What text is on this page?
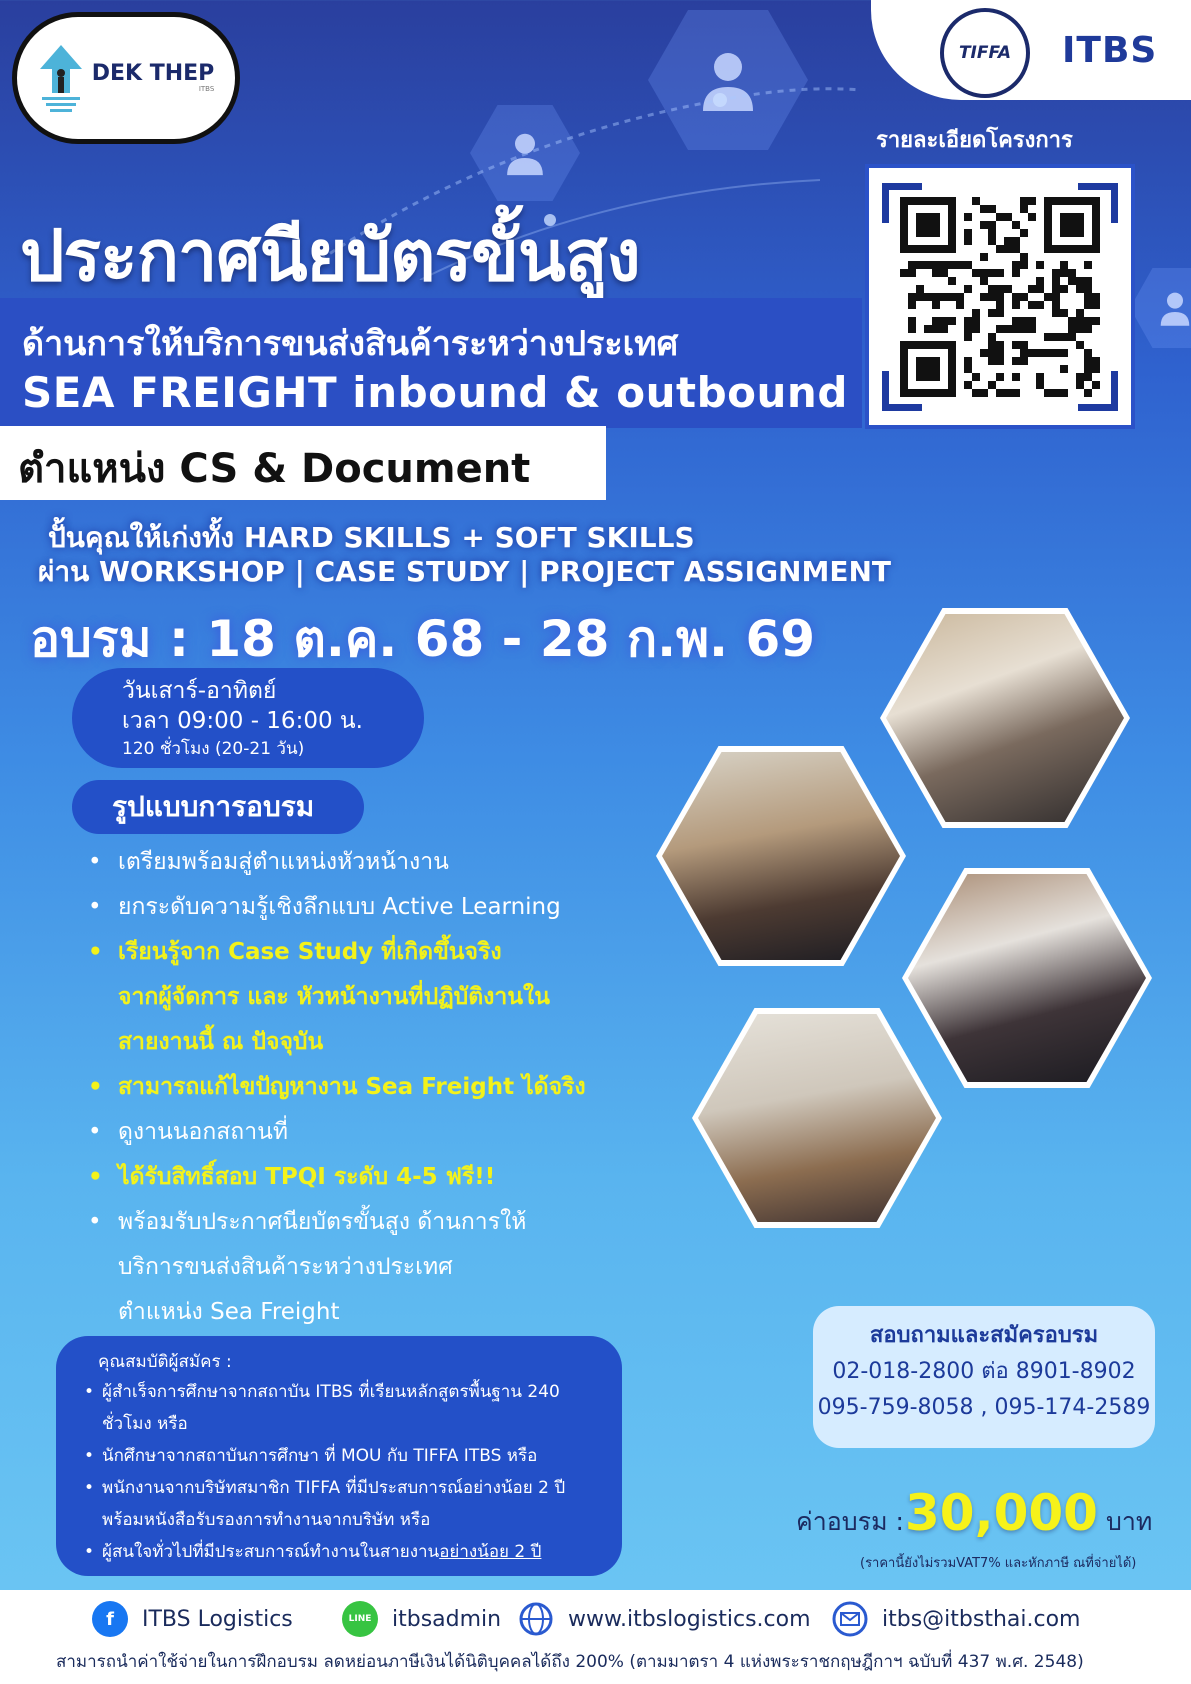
DEK THEP
ITBS
TIFFA ITBS
รายละเอียดโครงการ
ประกาศนียบัตรขั้นสูง
ด้านการให้บริการขนส่งสินค้าระหว่างประเทศ
SEA FREIGHT inbound & outbound
ตำแหน่ง CS & Document
ปั้นคุณให้เก่งทั้ง HARD SKILLS + SOFT SKILLS
ผ่าน WORKSHOP | CASE STUDY | PROJECT ASSIGNMENT
อบรม : 18 ต.ค. 68 - 28 ก.พ. 69
วันเสาร์-อาทิตย์
เวลา 09:00 - 16:00 น.
120 ชั่วโมง (20-21 วัน)
รูปแบบการอบรม
• เตรียมพร้อมสู่ตำแหน่งหัวหน้างาน
• ยกระดับความรู้เชิงลึกแบบ Active Learning
• เรียนรู้จาก Case Study ที่เกิดขึ้นจริง
จากผู้จัดการ และ หัวหน้างานที่ปฏิบัติงานใน
สายงานนี้ ณ ปัจจุบัน
• สามารถแก้ไขปัญหางาน Sea Freight ได้จริง
• ดูงานนอกสถานที่
• ได้รับสิทธิ์สอบ TPQI ระดับ 4-5 ฟรี!!
• พร้อมรับประกาศนียบัตรขั้นสูง ด้านการให้
บริการขนส่งสินค้าระหว่างประเทศ
ตำแหน่ง Sea Freight
สอบถามและสมัครอบรม
02-018-2800 ต่อ 8901-8902
095-759-8058 , 095-174-2589
คุณสมบัติผู้สมัคร :
• ผู้สำเร็จการศึกษาจากสถาบัน ITBS ที่เรียนหลักสูตรพื้นฐาน 240
ชั่วโมง หรือ
• นักศึกษาจากสถาบันการศึกษา ที่ MOU กับ TIFFA ITBS หรือ
• พนักงานจากบริษัทสมาชิก TIFFA ที่มีประสบการณ์อย่างน้อย 2 ปี
พร้อมหนังสือรับรองการทำงานจากบริษัท หรือ
• ผู้สนใจทั่วไปที่มีประสบการณ์ทำงานในสายงาน อย่างน้อย 2 ปี
ค่าอบรม : 30,000 บาท
(ราคานี้ยังไม่รวมVAT7% และหักภาษี ณที่จ่ายได้)
f	ITBS Logistics	LINE itbsadmin	www.itbslogistics.com	itbs@itbsthai.com
สามารถนำค่าใช้จ่ายในการฝึกอบรม ลดหย่อนภาษีเงินได้นิติบุคคลได้ถึง 200% (ตามมาตรา 4 แห่งพระราชกฤษฎีกาฯ ฉบับที่ 437 พ.ศ. 2548)
